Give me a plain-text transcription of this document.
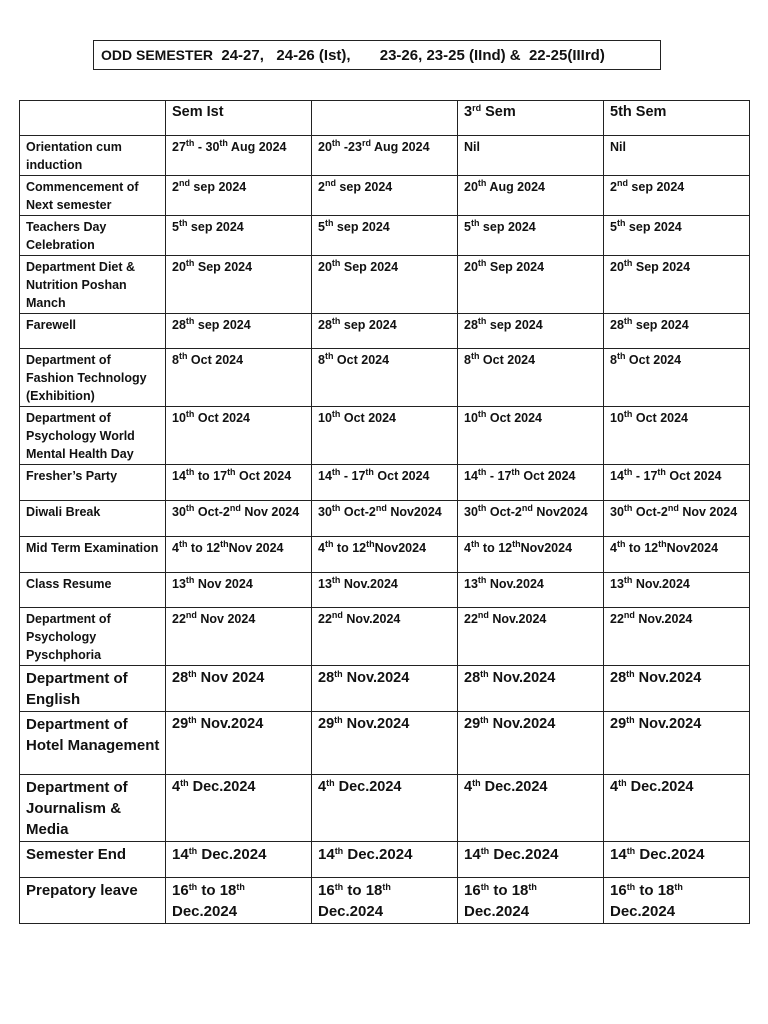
ODD SEMESTER  24-27,   24-26 (Ist),       23-26, 23-25 (IInd) &  22-25(IIIrd)
	Sem Ist		3rd Sem	5th Sem
Orientation cum induction	27th - 30th Aug 2024	20th -23rd Aug 2024	Nil	Nil
Commencement of Next semester	2nd sep 2024	2nd sep 2024	20th Aug 2024	2nd sep 2024
Teachers Day Celebration	5th sep 2024	5th sep 2024	5th sep 2024	5th sep 2024
Department Diet & Nutrition Poshan Manch	20th Sep 2024	20th Sep 2024	20th Sep 2024	20th Sep 2024
Farewell	28th sep 2024	28th sep 2024	28th sep 2024	28th sep 2024
Department of Fashion Technology (Exhibition)	8th Oct 2024	8th Oct 2024	8th Oct 2024	8th Oct 2024
Department of Psychology World Mental Health Day	10th Oct 2024	10th Oct 2024	10th Oct 2024	10th Oct 2024
Fresher’s Party	14th to 17th Oct 2024	14th - 17th Oct 2024	14th - 17th Oct 2024	14th - 17th Oct 2024
Diwali Break	30th Oct-2nd Nov 2024	30th Oct-2nd Nov2024	30th Oct-2nd Nov2024	30th Oct-2nd Nov 2024
Mid Term Examination	4th to 12thNov 2024	4th to 12thNov2024	4th to 12thNov2024	4th to 12thNov2024
Class Resume	13th Nov 2024	13th Nov.2024	13th Nov.2024	13th Nov.2024
Department of Psychology Pyschphoria	22nd Nov 2024	22nd Nov.2024	22nd Nov.2024	22nd Nov.2024
Department of English	28th Nov 2024	28th Nov.2024	28th Nov.2024	28th Nov.2024
Department of Hotel Management	29th Nov.2024	29th Nov.2024	29th Nov.2024	29th Nov.2024
Department of Journalism & Media	4th Dec.2024	4th Dec.2024	4th Dec.2024	4th Dec.2024
Semester End	14th Dec.2024	14th Dec.2024	14th Dec.2024	14th Dec.2024
Prepatory leave	16th to 18th Dec.2024	16th to 18th Dec.2024	16th to 18th Dec.2024	16th to 18th Dec.2024
